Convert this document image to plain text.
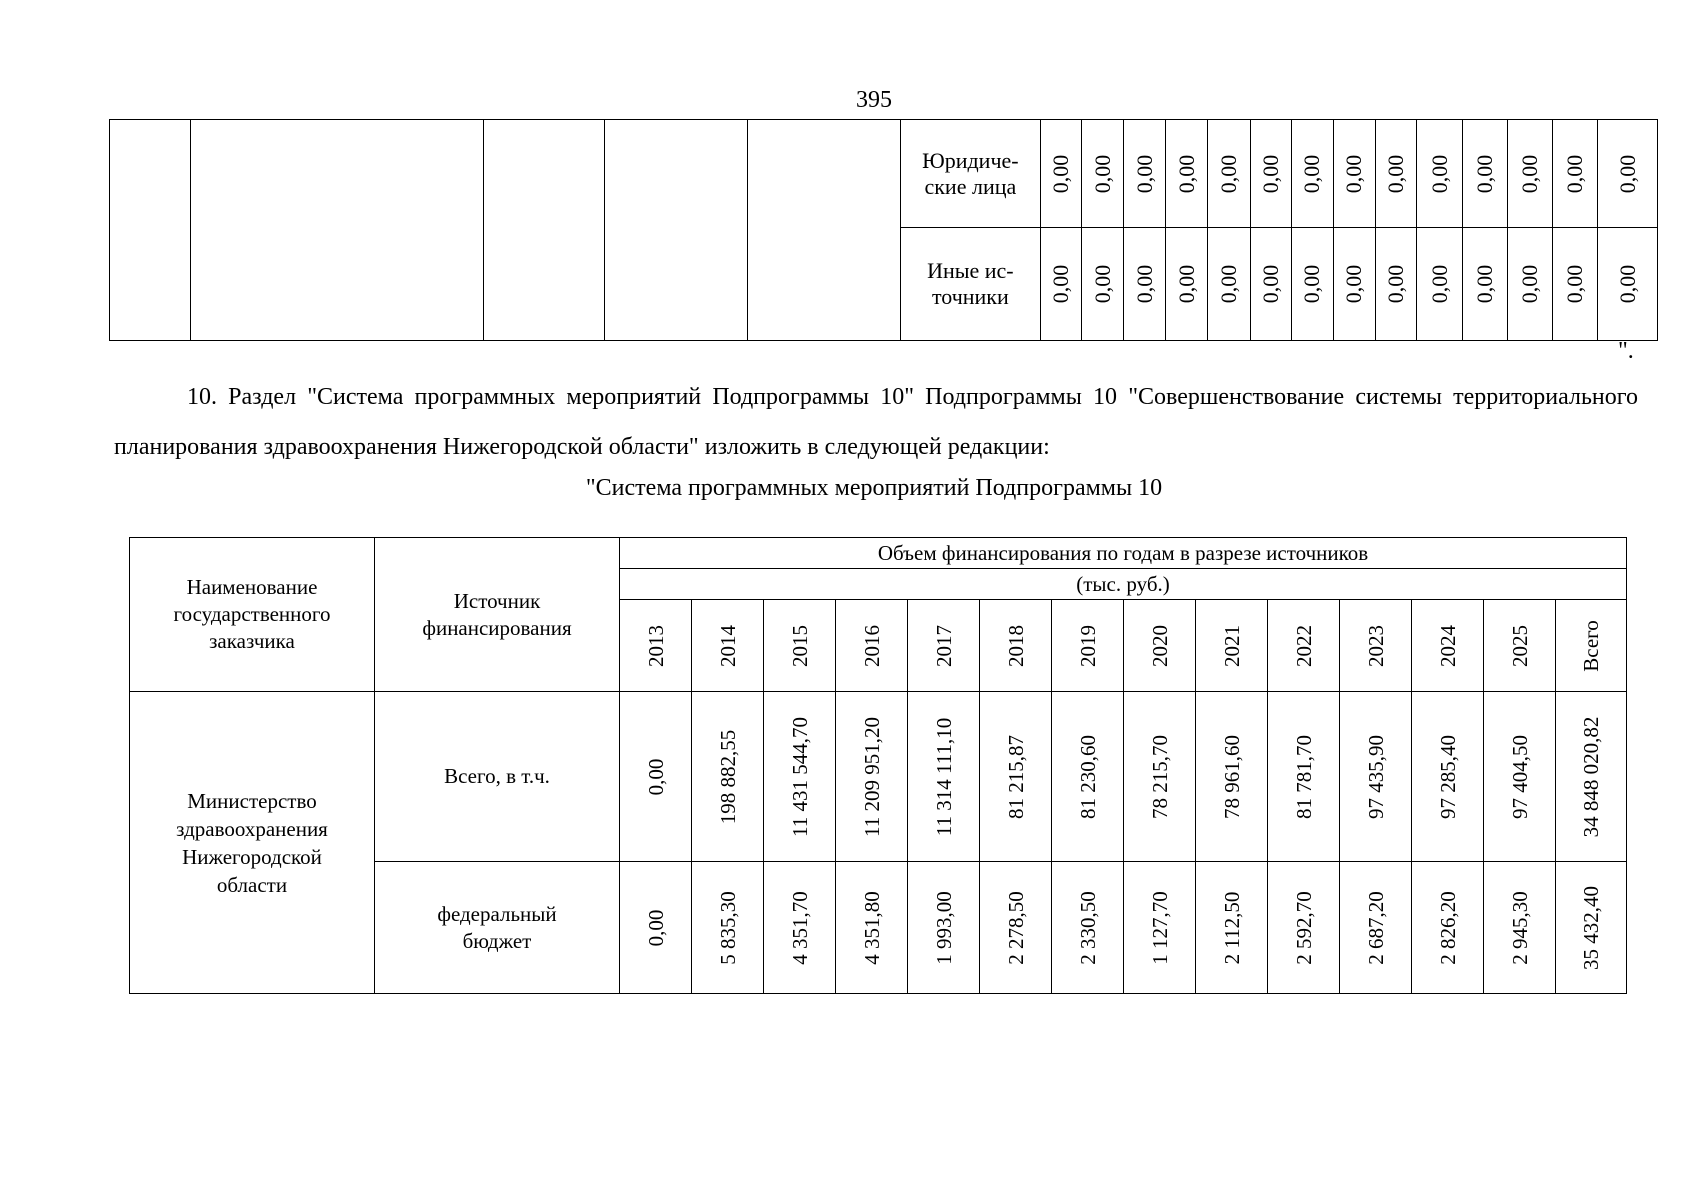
395
					Юридиче-
ские лица	0,00	0,00	0,00	0,00	0,00	0,00	0,00	0,00	0,00	0,00	0,00	0,00	0,00	0,00

					Иные ис-
точники	0,00	0,00	0,00	0,00	0,00	0,00	0,00	0,00	0,00	0,00	0,00	0,00	0,00	0,00
".
10. Раздел "Система программных мероприятий Подпрограммы 10" Подпрограммы 10 "Совершенствование системы территориального планирования здравоохранения Нижегородской области" изложить в следующей редакции:
"Система программных мероприятий Подпрограммы 10
Наименование государственного заказчика	Источник финансирования	Объем финансирования по годам в разрезе источников													
		(тыс. руб.)													

		2013	2014	2015	2016	2017	2018	2019	2020	2021	2022	2023	2024	2025	Всего

Министерство здравоохранения Нижегородской области	Всего, в т.ч.	0,00	198 882,55	11 431 544,70	11 209 951,20	11 314 111,10	81 215,87	81 230,60	78 215,70	78 961,60	81 781,70	97 435,90	97 285,40	97 404,50	34 848 020,82

	федеральный бюджет	0,00	5 835,30	4 351,70	4 351,80	1 993,00	2 278,50	2 330,50	1 127,70	2 112,50	2 592,70	2 687,20	2 826,20	2 945,30	35 432,40
